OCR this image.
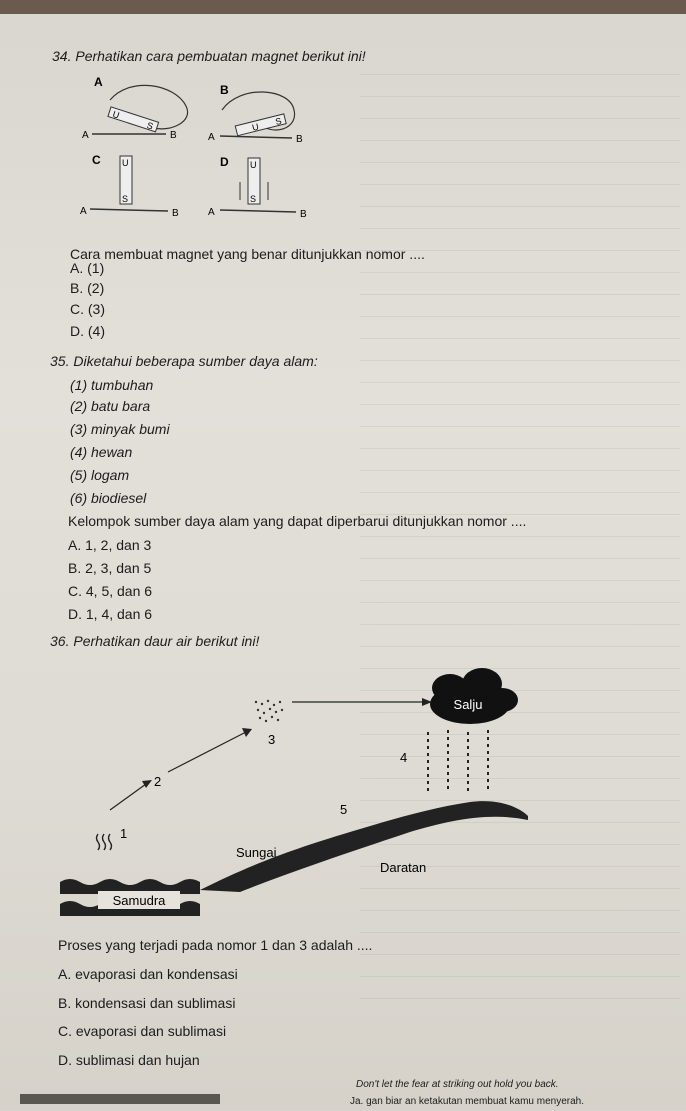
34. Perhatikan cara pembuatan magnet berikut ini!
A
U
S
A	B
B
U
S
A	B
C U
S
A	B
D U
S
A	B
Cara membuat magnet yang benar ditunjukkan nomor ....
A. (1)
B. (2)
C. (3)
D. (4)
35. Diketahui beberapa sumber daya alam:
(1) tumbuhan
(2) batu bara
(3) minyak bumi
(4) hewan
(5) logam
(6) biodiesel
Kelompok sumber daya alam yang dapat diperbarui ditunjukkan nomor ....
A. 1, 2, dan 3
B. 2, 3, dan 5
C. 4, 5, dan 6
D. 1, 4, dan 6
36. Perhatikan daur air berikut ini!
Salju
3
2
1
4
5
Sungai
Daratan
Samudra
Proses yang terjadi pada nomor 1 dan 3 adalah ....
A. evaporasi dan kondensasi
B. kondensasi dan sublimasi
C. evaporasi dan sublimasi
D. sublimasi dan hujan
Don't let the fear at striking out hold you back.
Ja. gan biar an ketakutan membuat kamu menyerah.
